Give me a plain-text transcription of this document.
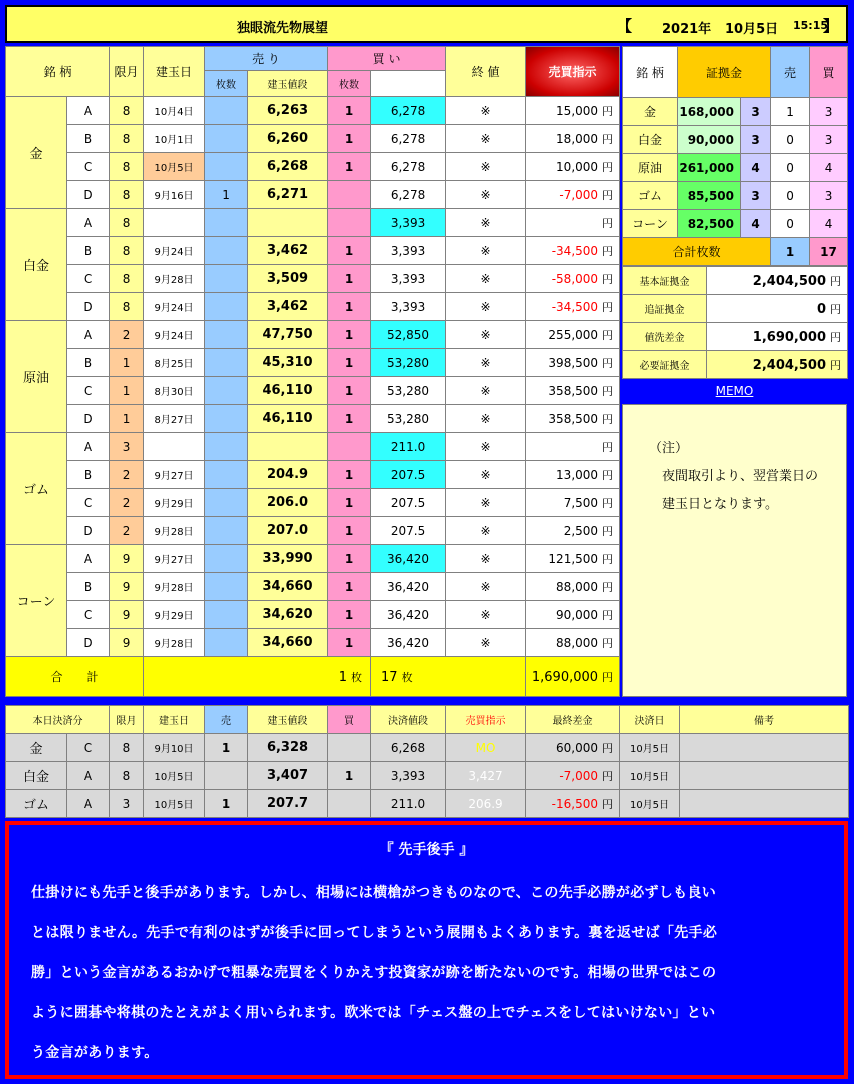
独眼流先物展望	【 2021年 10月5日 15:15
】
銘 柄		限月	建玉日	売 り		買 い		終 値	売買指示	
				枚数	建玉値段	枚数				
金	A	8	10月4日		6,263	1	6,278	※	15,000 円	
	B	8	10月1日		6,260	1	6,278	※	18,000 円	
	C	8	10月5日		6,268	1	6,278	※	10,000 円	
	D	8	9月16日	1	6,271		6,278	※	-7,000 円	
白金	A	8					3,393	※	円	
	B	8	9月24日		3,462	1	3,393	※	-34,500 円	
	C	8	9月28日		3,509	1	3,393	※	-58,000 円	
	D	8	9月24日		3,462	1	3,393	※	-34,500 円	
原油	A	2	9月24日		47,750	1	52,850	※	255,000 円	
	B	1	8月25日		45,310	1	53,280	※	398,500 円	
	C	1	8月30日		46,110	1	53,280	※	358,500 円	
	D	1	8月27日		46,110	1	53,280	※	358,500 円	
ゴム	A	3					211.0	※	円	
	B	2	9月27日		204.9	1	207.5	※	13,000 円	
	C	2	9月29日		206.0	1	207.5	※	7,500 円	
	D	2	9月28日		207.0	1	207.5	※	2,500 円	
コーン	A	9	9月27日		33,990	1	36,420	※	121,500 円	
	B	9	9月28日		34,660	1	36,420	※	88,000 円	
	C	9	9月29日		34,620	1	36,420	※	90,000 円	
	D	9	9月28日		34,660	1	36,420	※	88,000 円	
合 計			1 枚				17 枚		1,690,000 円	
銘 柄	証拠金		売	買
金	168,000	3	1	3
白金	90,000	3	0	3
原油	261,000	4	0	4
ゴム	85,500	3	0	3
コーン	82,500	4	0	4
合計枚数			1	17
基本証拠金	2,404,500 円
追証拠金	0 円
値洗差金	1,690,000 円
必要証拠金	2,404,500 円
MEMO
（注）
　夜間取引より、翌営業日の
　建玉日となります。
本日決済分		限月	建玉日	売	建玉値段	買	決済値段	売買指示	最終差金	決済日	備考
金	C	8	9月10日	1	6,328		6,268	MO	60,000 円	10月5日	
白金	A	8	10月5日		3,407	1	3,393	3,427	-7,000 円	10月5日	
ゴム	A	3	10月5日	1	207.7		211.0	206.9	-16,500 円	10月5日	
『 先手後手 』
仕掛けにも先手と後手があります。しかし、相場には横槍がつきものなので、この先手必勝が必ずしも良い
とは限りません。先手で有利のはずが後手に回ってしまうという展開もよくあります。裏を返せば「先手必
勝」という金言があるおかげで粗暴な売買をくりかえす投資家が跡を断たないのです。相場の世界ではこの
ように囲碁や将棋のたとえがよく用いられます。欧米では「チェス盤の上でチェスをしてはいけない」とい
う金言があります。
